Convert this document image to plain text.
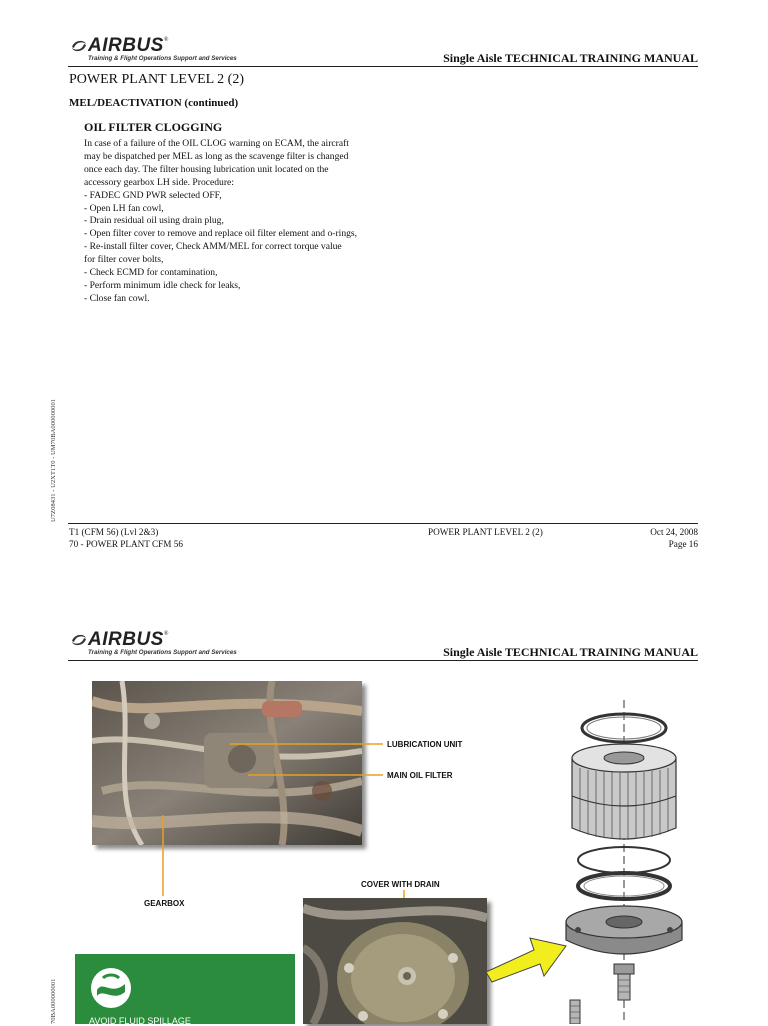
AIRBUS ®
Training & Flight Operations Support and Services	Single Aisle TECHNICAL TRAINING MANUAL
POWER PLANT LEVEL 2 (2)
MEL/DEACTIVATION (continued)
OIL FILTER CLOGGING
In case of a failure of the OIL CLOG warning on ECAM, the aircraft
may be dispatched per MEL as long as the scavenge filter is changed
once each day. The filter housing lubrication unit located on the
accessory gearbox LH side. Procedure:
- FADEC GND PWR selected OFF,
- Open LH fan cowl,
- Drain residual oil using drain plug,
- Open filter cover to remove and replace oil filter element and o-rings,
- Re-install filter cover, Check AMM/MEL for correct torque value
for filter cover bolts,
- Check ECMD for contamination,
- Perform minimum idle check for leaks,
- Close fan cowl.
U7Z08431 - U2XT1T0 - UM70BA000000001
T1 (CFM 56) (Lvl 2&3)
70 - POWER PLANT CFM 56
POWER PLANT LEVEL 2 (2)	Oct 24, 2008
Page 16
AIRBUS ®
Training & Flight Operations Support and Services	Single Aisle TECHNICAL TRAINING MANUAL
LUBRICATION UNIT
MAIN OIL FILTER
GEARBOX
COVER WITH DRAIN
AVOID FLUID SPILLAGE
70BA000000001
